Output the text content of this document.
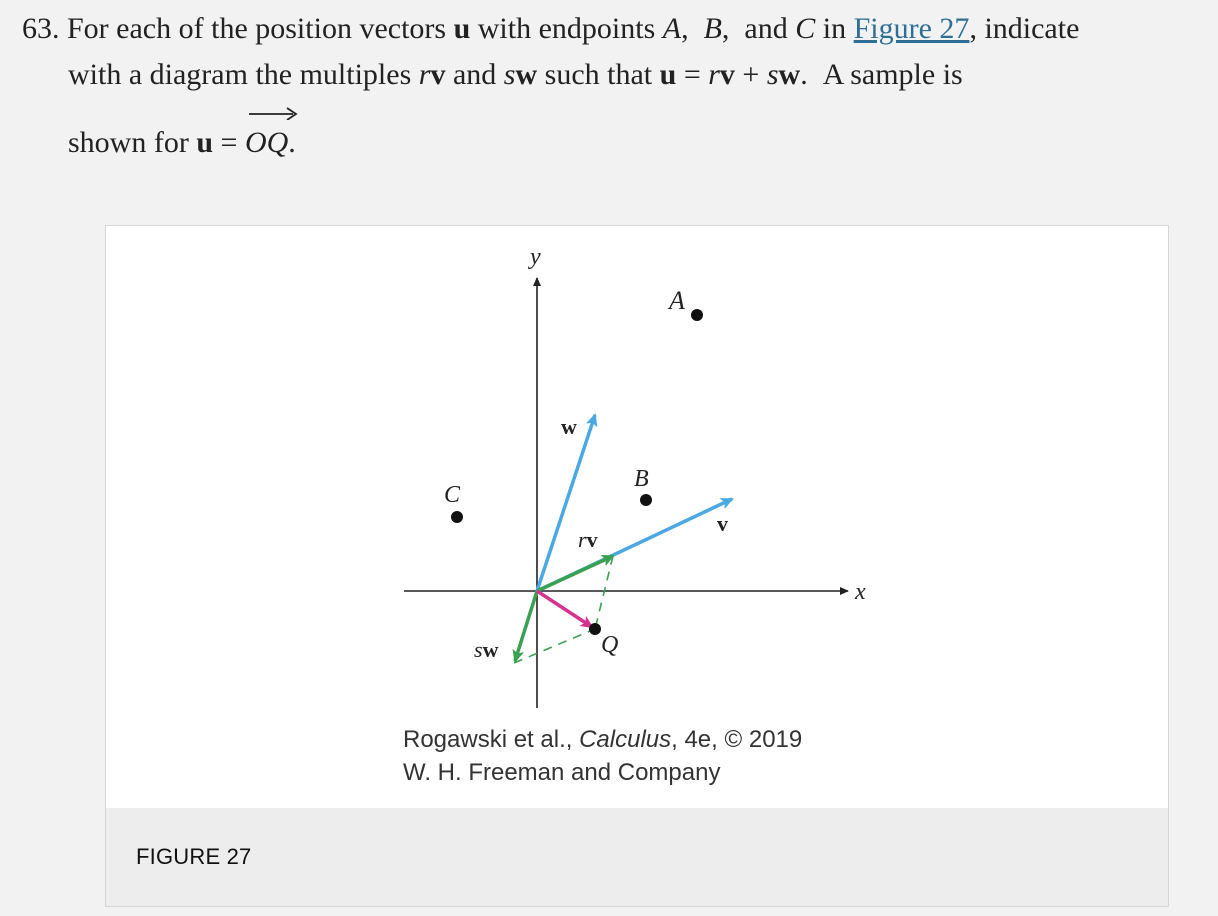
63. For each of the position vectors u with endpoints A, B, and C in Figure 27, indicate
with a diagram the multiples rv and sw such that u = rv + sw. A sample is
shown for u = OQ.
x
y
A
B
C
Q
w
v
rv
sw
Rogawski et al., Calculus, 4e, © 2019
W. H. Freeman and Company
FIGURE 27
